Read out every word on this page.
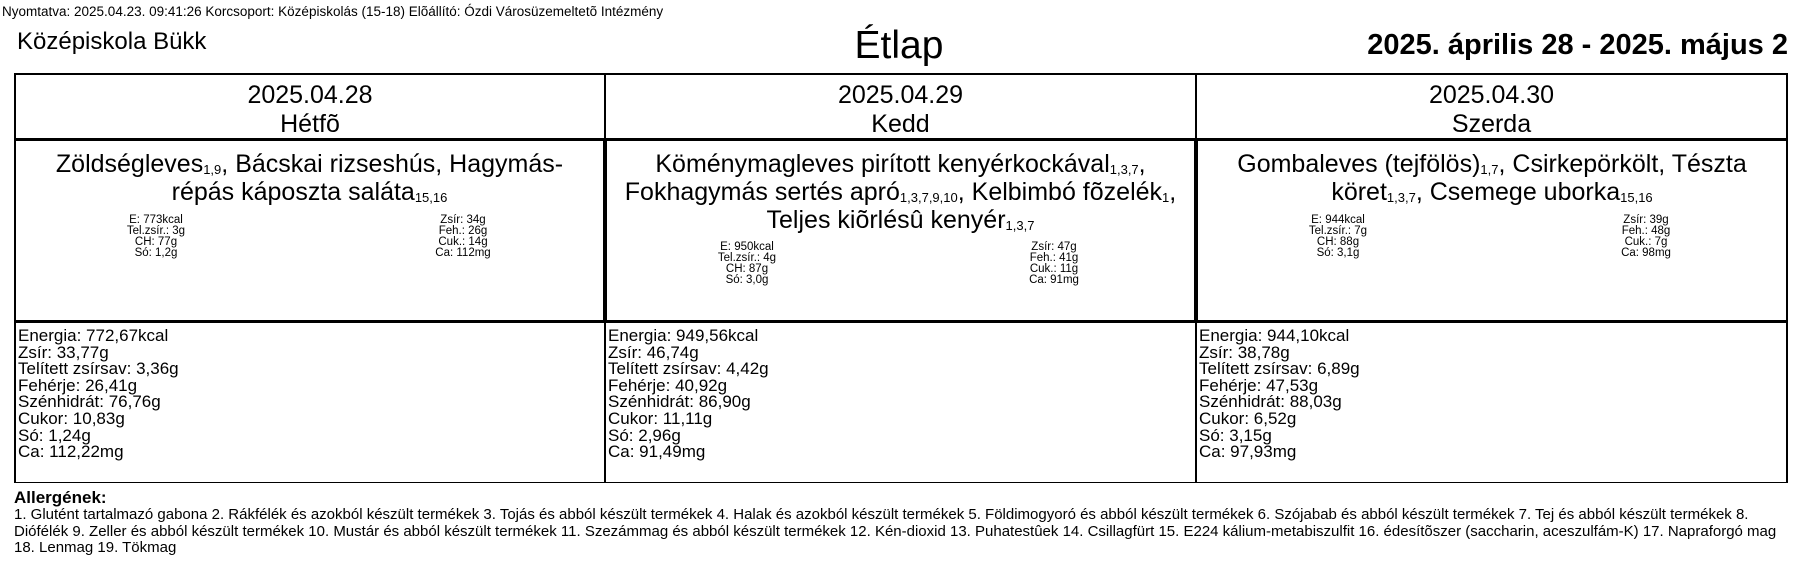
Nyomtatva: 2025.04.23. 09:41:26 Korcsoport: Középiskolás (15-18) Elõállító: Ózdi Városüzemeltetõ Intézmény
Középiskola Bükk	Étlap	2025. április 28 - 2025. május 2
2025.04.28
Hétfõ
Zöldségleves$_{1,9}$, Bácskai rizseshús, Hagymás-répás káposzta saláta$_{15,16}$
E: 773kcal
Tel.zsír.: 3g
CH: 77g
Só: 1,2g
Zsír: 34g
Feh.: 26g
Cuk.: 14g
Ca: 112mg
Energia: 772,67kcal
Zsír: 33,77g
Telített zsírsav: 3,36g
Fehérje: 26,41g
Szénhidrát: 76,76g
Cukor: 10,83g
Só: 1,24g
Ca: 112,22mg
2025.04.29
Kedd
Köménymagleves pirított kenyérkockával$_{1,3,7}$, Fokhagymás sertés apró$_{1,3,7,9,10}$, Kelbimbó fõzelék$_1$, Teljes kiõrlésû kenyér$_{1,3,7}$
E: 950kcal
Tel.zsír.: 4g
CH: 87g
Só: 3,0g
Zsír: 47g
Feh.: 41g
Cuk.: 11g
Ca: 91mg
Energia: 949,56kcal
Zsír: 46,74g
Telített zsírsav: 4,42g
Fehérje: 40,92g
Szénhidrát: 86,90g
Cukor: 11,11g
Só: 2,96g
Ca: 91,49mg
2025.04.30
Szerda
Gombaleves $(tejfölös)_{1,7}$, Csirkepörkölt, Tészta köret$_{1,3,7}$, Csemege uborka$_{15,16}$
E: 944kcal
Tel.zsír.: 7g
CH: 88g
Só: 3,1g
Zsír: 39g
Feh.: 48g
Cuk.: 7g
Ca: 98mg
Energia: 944,10kcal
Zsír: 38,78g
Telített zsírsav: 6,89g
Fehérje: 47,53g
Szénhidrát: 88,03g
Cukor: 6,52g
Só: 3,15g
Ca: 97,93mg
Allergének:
1. Glutént tartalmazó gabona 2. Rákfélék és azokból készült termékek 3. Tojás és abból készült termékek 4. Halak és azokból készült termékek 5. Földimogyoró és abból készült termékek 6. Szójabab és abból készült termékek 7. Tej és abból készült termékek 8. Diófélék 9. Zeller és abból készült termékek 10. Mustár és abból készült termékek 11. Szezámmag és abból készült termékek 12. Kén-dioxid 13. Puhatestûek 14. Csillagfürt 15. E224 kálium-metabiszulfit 16. édesítõszer (saccharin, aceszulfám-K) 17. Napraforgó mag 18. Lenmag 19. Tökmag
